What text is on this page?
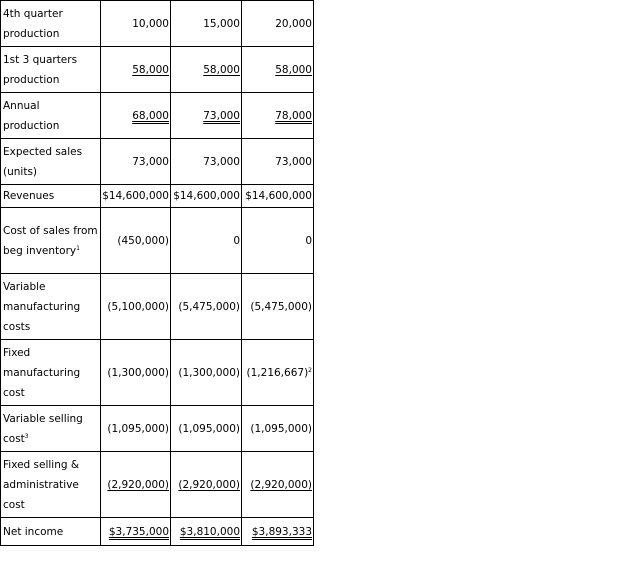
4th quarter production	10,000	15,000	20,000
1st 3 quarters production	58,000	58,000	58,000
Annual production	68,000	73,000	78,000
Expected sales (units)	73,000	73,000	73,000
Revenues	$14,600,000	$14,600,000	$14,600,000
Cost of sales from beg inventory$^1$	(450,000)	0	0
Variable manufacturing costs	(5,100,000)	(5,475,000)	(5,475,000)
Fixed manufacturing cost	(1,300,000)	(1,300,000)	$(1,216,667)^2$
Variable selling cost$^3$	(1,095,000)	(1,095,000)	(1,095,000)
Fixed selling & administrative cost	(2,920,000)	(2,920,000)	(2,920,000)
Net income	$3,735,000	$3,810,000	$3,893,333
